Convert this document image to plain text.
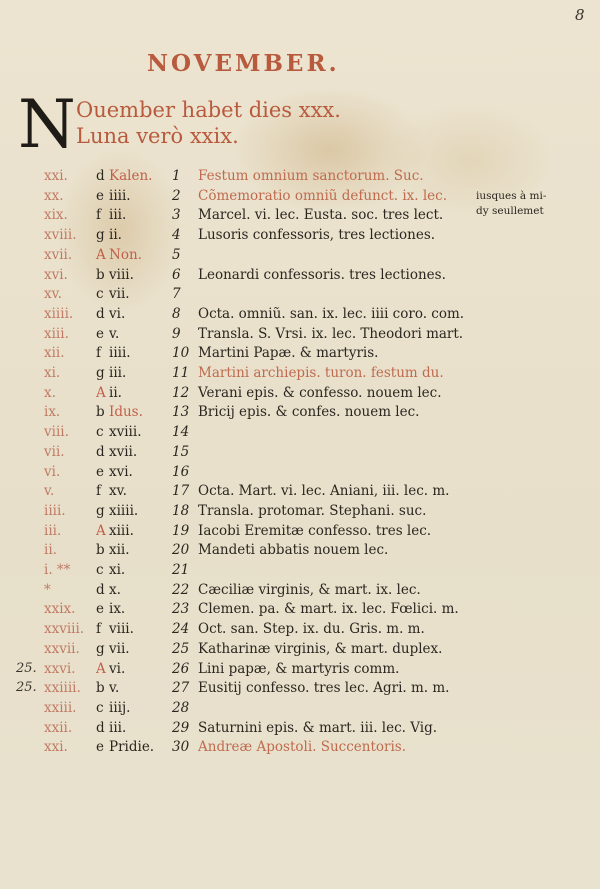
8
NOVEMBER.
N Ouember habet dies xxx.
Luna verò xxix.
iusques à mi-
dy seullemet
xxi. d Kalen. 1 Festum omnium sanctorum. Suc.
xx. e iiii.	2 Cõmemoratio omniũ defunct. ix. lec.
xix. f iii.	3 Marcel. vi. lec. Eusta. soc. tres lect.
xviii. g ii.	4 Lusoris confessoris, tres lectiones.
xvii. A Non. 5
xvi. b viii.	6 Leonardi confessoris. tres lectiones.
xv.	c vii.	7
xiiii. d vi.	8 Octa. omniũ. san. ix. lec. iiii coro. com.
xiii. e v.	9 Transla. S. Vrsi. ix. lec. Theodori mart.
xii. f iiii.	10 Martini Papæ. & martyris.
xi.	g iii.	11 Martini archiepis. turon. festum du.
x.	A ii.	12 Verani epis. & confesso. nouem lec.
ix.	b Idus. 13 Bricij epis. & confes. nouem lec.
viii. c xviii. 14
vii. d xvii.	15
vi.	e xvi.	16
v.	f xv.	17 Octa. Mart. vi. lec. Aniani, iii. lec. m.
iiii. g xiiii.	18 Transla. protomar. Stephani. suc.
iii.	A xiii.	19 Iacobi Eremitæ confesso. tres lec.
ii.	b xii.	20 Mandeti abbatis nouem lec.
i. ** c xi.	21
*	d x.	22 Cæciliæ virginis, & mart. ix. lec.
xxix. e ix.	23 Clemen. pa. & mart. ix. lec. Fœlici. m.
xxviii. f viii.	24 Oct. san. Step. ix. du. Gris. m. m.
xxvii. g vii.	25 Katharinæ virginis, & mart. duplex.
25. xxvi. A vi.	26 Lini papæ, & martyris comm.
25. xxiiii. b v.	27 Eusitij confesso. tres lec. Agri. m. m.
xxiii. c iiij.	28
xxii. d iii.	29 Saturnini epis. & mart. iii. lec. Vig.
xxi. e Pridie. 30 Andreæ Apostoli. Succentoris.
